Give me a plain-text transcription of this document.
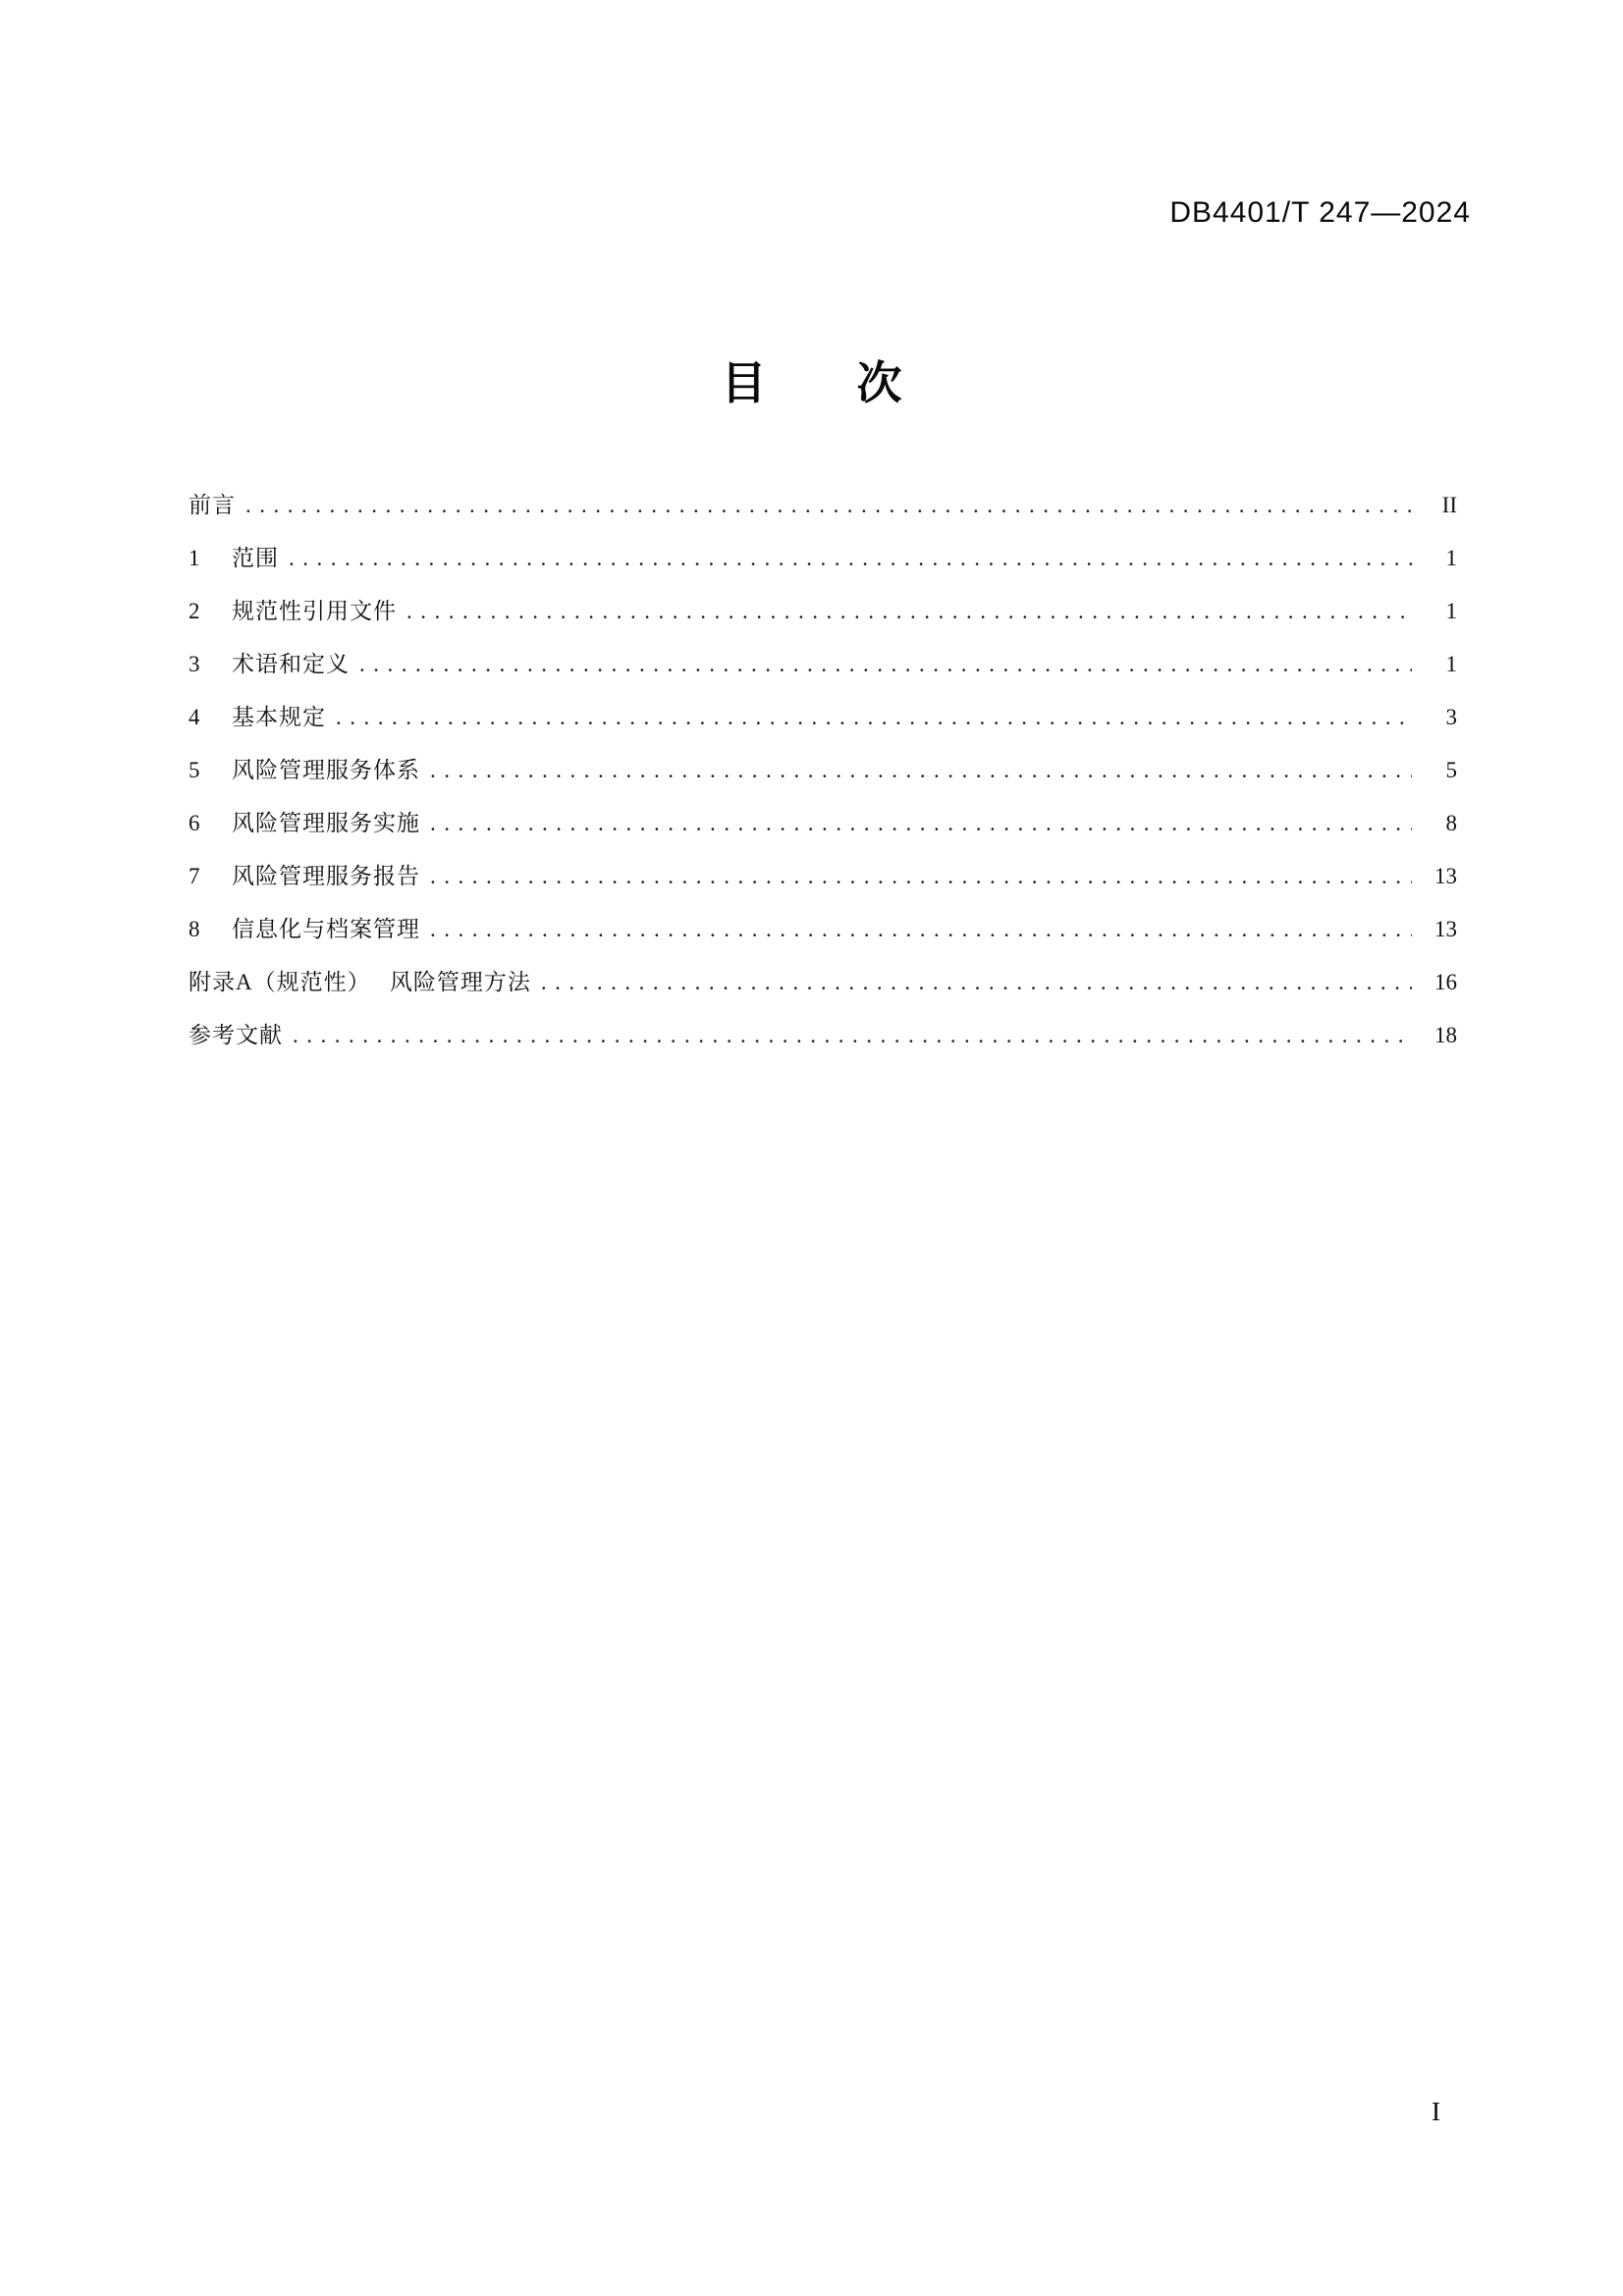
DB4401/T 247—2024
目　　次
前言 .....	II
1	范围 .....	1
2	规范性引用文件 .....	1
3	术语和定义 .....	1
4	基本规定 .....	3
5	风险管理服务体系 .....	5
6	风险管理服务实施 .....	8
7	风险管理服务报告 .....	13
8	信息化与档案管理 .....	13
附录A（规范性）　 风险管理方法 .....	16
参考文献 .....	18
I
